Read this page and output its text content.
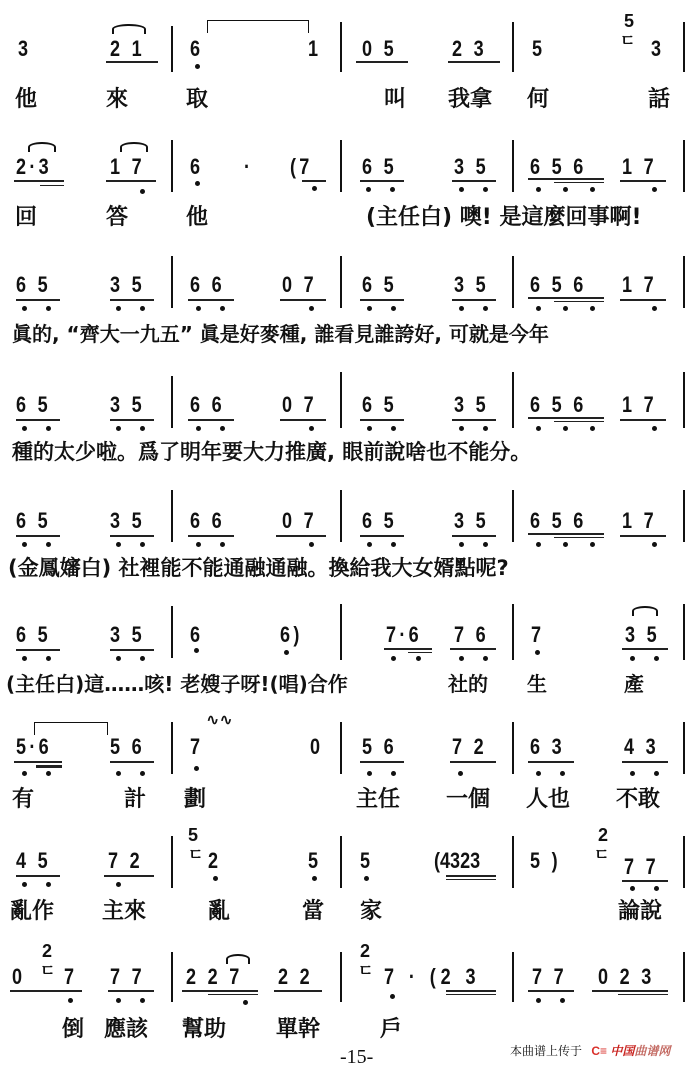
3	2 1 6	1 0 5	2 3 5
5
ㄷ 3
他	來	取	叫 我拿 何	話
2·3	1 7 6 · (7 6 5	3 5 6 5 6 1 7
回	答	他	(主任白) 噢! 是這麼回事啊!
6 5	3 5 6 6	0 7 6 5	3 5 6 5 6 1 7
眞的, “齊大一九五” 眞是好麥種, 誰看見誰誇好, 可就是今年
6 5	3 5 6 6	0 7 6 5	3 5 6 5 6 1 7
種的太少啦。爲了明年要大力推廣, 眼前說啥也不能分。
6 5	3 5 6 6	0 7 6 5	3 5 6 5 6 1 7
(金鳳嬸白) 社裡能不能通融通融。換給我大女婿點呢?
6 5	3 5 6	6)	7·6 7 6 7	3 5
(主任白)這……咳! 老嫂子呀!(唱)合作	社的 生	產
5·6	5 6 7
∿∿
0 5 6	7 2 6 3	4 3
有	計 劃	主任 一個 人也 不敢
4 5	7 2
5
ㄷ 2	5 5	(4323 5 )
2
ㄷ 7 7
亂作 主來	亂	當 家	論說
0
2
ㄷ 7 7 7 2 2 7 2 2
2
ㄷ 7 · (2 3 7 7 0 2 3
倒 應該 幫助 單幹	戶
-15-	本曲谱上传于 C≡ 中国曲谱网
